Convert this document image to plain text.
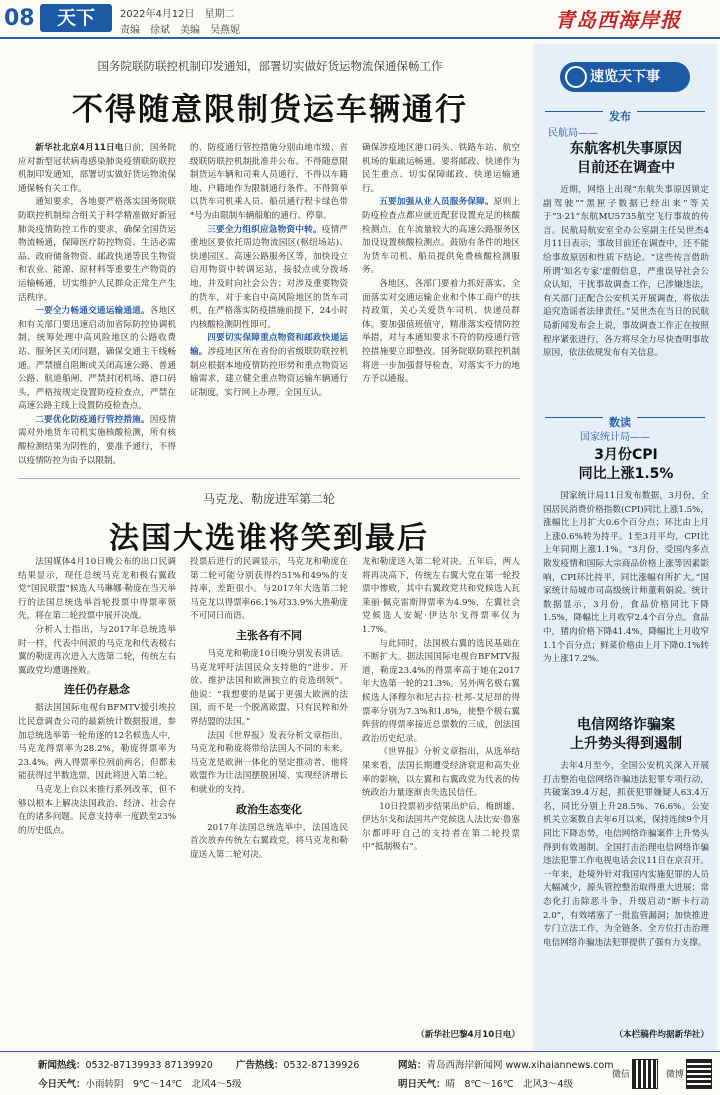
08	天下	2022年4月12日　星期二
责编　徐斌　美编　吴燕妮	青岛西海岸报
国务院联防联控机制印发通知，部署切实做好货运物流保通保畅工作
不得随意限制货运车辆通行

新华社北京4月11日电日前，国务院应对新型冠状病毒感染肺炎疫情联防联控机制印发通知，部署切实做好货运物流保通保畅有关工作。

通知要求，各地要严格落实国务院联防联控机制综合组关于科学精准做好新冠肺炎疫情防控工作的要求，确保全国货运物流畅通，保障医疗防控物资、生活必需品、政府储备物资、邮政快递等民生物资和农业、能源、原材料等重要生产物资的运输畅通，切实维护人民群众正常生产生活秩序。

一要全力畅通交通运输通道。各地区和有关部门要迅速启动加省际防控协调机制，统筹处理中高风险地区的公路收费站、服务区关闭问题，确保交通主干线畅通。严禁擅自阻断或关闭高速公路、普通公路、航道船闸，严禁封闭机场、港口码头，严格按规定设置防疫检查点，严禁在高速公路主线上设置防疫检查点。

二要优化防疫通行管控措施。因疫情需对外地货车司机实施核酸检测，所有核酸检测结果为阴性的，要准予通行，不得以疫情防控为由予以限制。

的、防疫通行管控措施分别由地市级、省级联防联控机制批准并公布。不得随意限制货运车辆和司乘人员通行，不得以车籍地、户籍地作为限制通行条件。不得简单以货车司机乘人员、船员通行程卡绿色带*号为由限制车辆船舶的通行、停靠。

三要全力组织应急物资中转。疫情严重地区要依托周边物流园区(枢纽场站)、快递园区、高速公路服务区等，加快设立启用物资中转调运站，接驳点或分拨场地，并及时向社会公告；对涉及重要物资的货车，对于来自中高风险地区的货车司机，在严格落实防疫措施前提下，24小时内核酸检测阴性即可。

四要切实保障重点物资和邮政快递运输。涉疫地区所在省份的省级联防联控机制应根据本地疫情防控形势和重点物资运输需求，建立健全重点物资运输车辆通行证制度，实行网上办理，全国互认。

确保涉疫地区港口码头、铁路车站、航空机场的集疏运畅通。要将邮政、快递作为民生重点、切实保障邮政、快递运输通行。

五要加强从业人员服务保障。原则上防疫检查点都应就近配套设置充足的核酸检测点，在车流量较大的高速公路服务区加设设置核酸检测点。鼓励有条件的地区为货车司机、船员提供免费核酸检测服务。

各地区、各部门要着力抓好落实，全面落实对交通运输企业和个体工商户的扶持政策，关心关爱货车司机、快递员群体。要加强值班值守，精准落实疫情防控举措，对与本通知要求不符的防疫通行管控措施要立即整改。国务院联防联控机制将进一步加强督导检查，对落实不力的地方予以通报。

马克龙、勒庞进军第二轮
法国大选谁将笑到最后

法国媒体4月10日晚公布的出口民调结果显示，现任总统马克龙和极右翼政党“国民联盟”候选人马琳娜·勒庞在当天举行的法国总统选举首轮投票中得票率领先，将在第二轮投票中展开决战。

分析人士指出，与2017年总统选举时一样，代表中间派的马克龙和代表极右翼的勒庞再次进入大选第二轮，传统左右翼政党均遭遇挫败。

连任仍存悬念

据法国国际电视台BFMTV援引埃拉比民意调查公司的最新统计数据报道，参加总统选举第一轮角逐的12名候选人中，马克龙得票率为28.2%，勒庞得票率为23.4%。两人得票率位列前两名，但都未能获得过半数选票，因此将进入第二轮。

马克龙上台以来推行系列改革，但不够以根本上解决法国政治、经济、社会存在的诸多问题。民意支持率一度跌至23%的历史低点。

投票后进行的民调显示，马克龙和勒庞在第二轮可能分别获得约51%和49%的支持率，差距很小。与2017年大选第二轮马克龙以得票率66.1%对33.9%大胜勒庞不可同日而语。

主张各有不同

马克龙和勒庞10日晚分别发表讲话。马克龙呼吁法国民众支持他的“进步、开放、维护法国和欧洲独立的竞选纲领”。他说：“我想要的是属于更强大欧洲的法国，而不是一个脱离欧盟、只有民粹和外界结盟的法国。”

法国《世界报》发表分析文章指出，马克龙和勒庞将带给法国人不同的未来。马克龙是欧洲一体化的坚定推动者，他将欧盟作为让法国摆脱困境、实现经济增长和就业的支持。

政治生态变化

2017年法国总统选举中，法国选民首次放弃传统左右翼政党，将马克龙和勒庞送入第二轮对决。

龙和勒庞送入第二轮对决。五年后，两人将再决高下，传统左右翼大党在第一轮投票中惨败，其中右翼政党共和党候选人瓦莱丽·佩克雷斯得票率为4.9%，左翼社会党候选人安妮·伊达尔戈得票率仅为1.7%。

与此同时，法国极右翼的选民基础在不断扩大。据法国国际电视台BFMTV报道，勒庞23.4%的得票率高于她在2017年大选第一轮的21.3%。另外两名极右翼候选人泽穆尔和尼古拉·杜邦-艾尼昂的得票率分别为7.3%和1.8%，使整个极右翼阵营的得票率接近总票数的三成，创法国政治历史纪录。

《世界报》分析文章指出，从选举结果来看，法国长期遭受经济衰退和高失业率的影响，以左翼和右翼政党为代表的传统政治力量逐渐丧失选民信任。

10日投票初步结果出炉后，梅朗雄、伊达尔戈和法国共产党候选人法比安·鲁塞尔都呼吁自己的支持者在第二轮投票中“抵制极右”。

（新华社巴黎4月10日电）
速览天下事
发布
民航局——
东航客机失事原因
目前还在调查中

近期，网络上出现“东航失事原因锁定副驾驶”“黑匣子数据已经出来”等关于“3·21”东航MU5735航空飞行事故的传言。民航局航安室全办公室副主任吴世杰4月11日表示，事故目前还在调查中，还不能给事故原因和性质下结论。“这些传言借助所谓‘知名专家’虚假信息，严重误导社会公众认知，干扰事故调查工作，已涉嫌违法，有关部门正配合公安机关开展调查，将依法追究造谣者法律责任。”吴世杰在当日的民航局新闻发布会上说，事故调查工作正在按照程序紧张进行，各方将尽全力尽快查明事故原因，依法依规发布有关信息。

数读
国家统计局——
3月份CPI
同比上涨1.5%

国家统计局11日发布数据，3月份，全国居民消费价格指数(CPI)同比上涨1.5%，涨幅比上月扩大0.6个百分点；环比由上月上涨0.6%转为持平。1至3月平均，CPI比上年同期上涨1.1%。“3月份，受国内多点散发疫情和国际大宗商品价格上涨等因素影响，CPI环比持平，同比涨幅有所扩大。”国家统计局城市司高级统计师董莉娟说。统计数据显示，3月份，食品价格同比下降1.5%，降幅比上月收窄2.4个百分点。食品中，猪肉价格下降41.4%，降幅比上月收窄1.1个百分点；鲜菜价格由上月下降0.1%转为上涨17.2%。

电信网络诈骗案
上升势头得到遏制

去年4月至今，全国公安机关深入开展打击整治电信网络诈骗违法犯罪专项行动，共破案39.4万起，抓获犯罪嫌疑人63.4万名，同比分别上升28.5%、76.6%。公安机关立案数自去年6月以来，保持连续9个月同比下降态势，电信网络诈骗案件上升势头得到有效遏制。全国打击治理电信网络诈骗违法犯罪工作电视电话会议11日在京召开。一年来，赴境外针对我国内实施犯罪的人员大幅减少，源头管控整治取得重大进展；常态化打击除恶斗争，升级启动“断卡行动2.0”，有效堵塞了一批监管漏洞；加快推进专门立法工作，为全链条、全方位打击治理电信网络诈骗违法犯罪提供了强有力支撑。

（本栏稿件均据新华社）
新闻热线：0532-87139933 87139920 广告热线：0532-87139926	网站：青岛西海岸新闻网 www.xihaiannews.com
今日天气：小雨转阴　9℃～14℃　北风4～5级	明日天气：晴　8℃～16℃　北风3～4级
微信	微博
